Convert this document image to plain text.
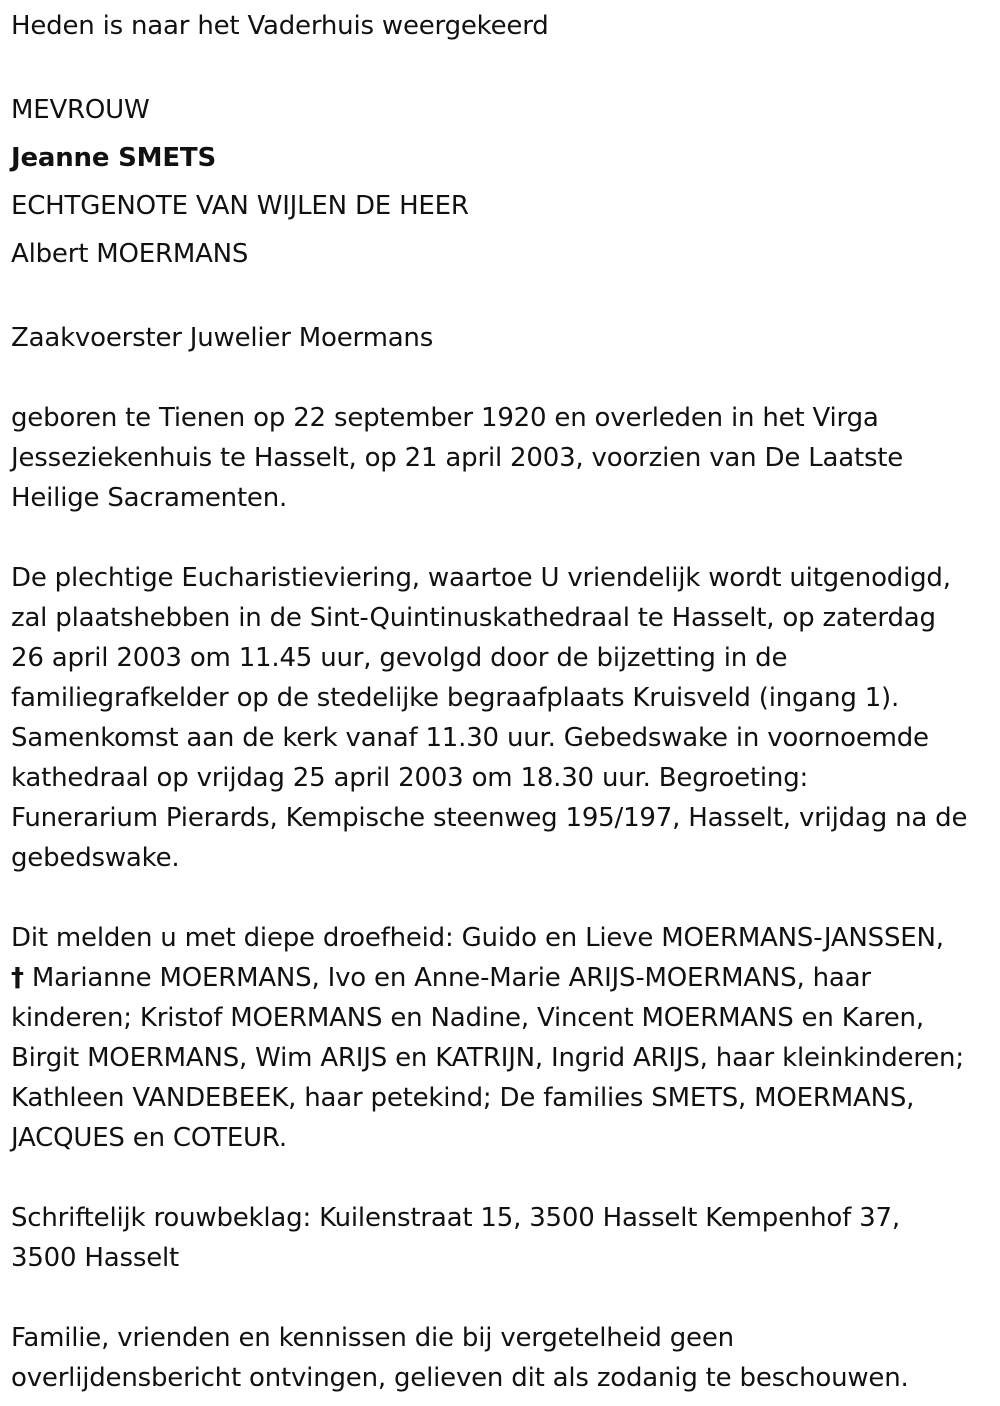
Heden is naar het Vaderhuis weergekeerd
MEVROUW
Jeanne SMETS
ECHTGENOTE VAN WIJLEN DE HEER
Albert MOERMANS
Zaakvoerster Juwelier Moermans
geboren te Tienen op 22 september 1920 en overleden in het Virga
Jesseziekenhuis te Hasselt, op 21 april 2003, voorzien van De Laatste
Heilige Sacramenten.
De plechtige Eucharistieviering, waartoe U vriendelijk wordt uitgenodigd,
zal plaatshebben in de Sint-Quintinuskathedraal te Hasselt, op zaterdag
26 april 2003 om 11.45 uur, gevolgd door de bijzetting in de
familiegrafkelder op de stedelijke begraafplaats Kruisveld (ingang 1).
Samenkomst aan de kerk vanaf 11.30 uur. Gebedswake in voornoemde
kathedraal op vrijdag 25 april 2003 om 18.30 uur. Begroeting:
Funerarium Pierards, Kempische steenweg 195/197, Hasselt, vrijdag na de
gebedswake.
Dit melden u met diepe droefheid: Guido en Lieve MOERMANS-JANSSEN,
† Marianne MOERMANS, Ivo en Anne-Marie ARIJS-MOERMANS, haar
kinderen; Kristof MOERMANS en Nadine, Vincent MOERMANS en Karen,
Birgit MOERMANS, Wim ARIJS en KATRIJN, Ingrid ARIJS, haar kleinkinderen;
Kathleen VANDEBEEK, haar petekind; De families SMETS, MOERMANS,
JACQUES en COTEUR.
Schriftelijk rouwbeklag: Kuilenstraat 15, 3500 Hasselt Kempenhof 37,
3500 Hasselt
Familie, vrienden en kennissen die bij vergetelheid geen
overlijdensbericht ontvingen, gelieven dit als zodanig te beschouwen.
